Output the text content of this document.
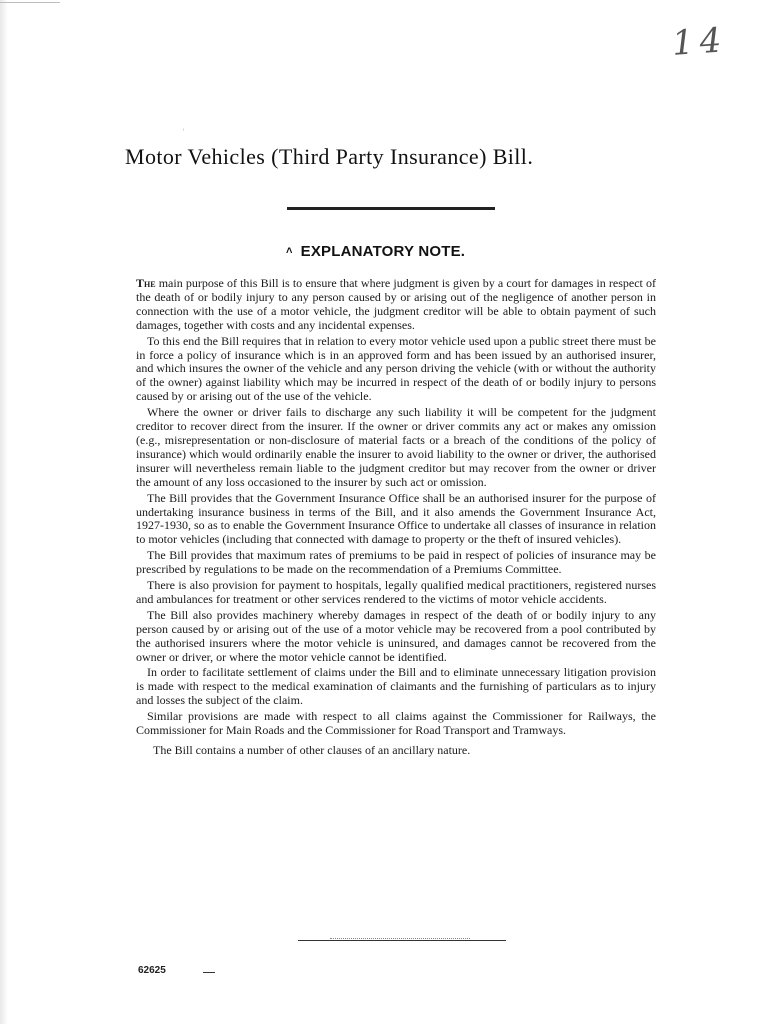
˒
14
Motor Vehicles (Third Party Insurance) Bill.
˄ EXPLANATORY NOTE.

The main purpose of this Bill is to ensure that where judgment is given by a court for damages in respect of the death of or bodily injury to any person caused by or arising out of the negligence of another person in connection with the use of a motor vehicle, the judgment creditor will be able to obtain payment of such damages, together with costs and any incidental expenses.

To this end the Bill requires that in relation to every motor vehicle used upon a public street there must be in force a policy of insurance which is in an approved form and has been issued by an authorised insurer, and which insures the owner of the vehicle and any person driving the vehicle (with or without the authority of the owner) against liability which may be incurred in respect of the death of or bodily injury to persons caused by or arising out of the use of the vehicle.

Where the owner or driver fails to discharge any such liability it will be competent for the judgment creditor to recover direct from the insurer. If the owner or driver commits any act or makes any omission (e.g., misrepresentation or non-disclosure of material facts or a breach of the conditions of the policy of insurance) which would ordinarily enable the insurer to avoid liability to the owner or driver, the authorised insurer will nevertheless remain liable to the judgment creditor but may recover from the owner or driver the amount of any loss occasioned to the insurer by such act or omission.

The Bill provides that the Government Insurance Office shall be an authorised insurer for the purpose of undertaking insurance business in terms of the Bill, and it also amends the Government Insurance Act, 1927-1930, so as to enable the Government Insurance Office to undertake all classes of insurance in relation to motor vehicles (including that connected with damage to property or the theft of insured vehicles).

The Bill provides that maximum rates of premiums to be paid in respect of policies of insurance may be prescribed by regulations to be made on the recommendation of a Premiums Committee.

There is also provision for payment to hospitals, legally qualified medical practitioners, registered nurses and ambulances for treatment or other services rendered to the victims of motor vehicle accidents.

The Bill also provides machinery whereby damages in respect of the death of or bodily injury to any person caused by or arising out of the use of a motor vehicle may be recovered from a pool contributed by the authorised insurers where the motor vehicle is uninsured, and damages cannot be recovered from the owner or driver, or where the motor vehicle cannot be identified.

In order to facilitate settlement of claims under the Bill and to eliminate unnecessary litigation provision is made with respect to the medical examination of claimants and the furnishing of particulars as to injury and losses the subject of the claim.

Similar provisions are made with respect to all claims against the Commissioner for Railways, the Commissioner for Main Roads and the Commissioner for Road Transport and Tramways.

The Bill contains a number of other clauses of an ancillary nature.

62625
